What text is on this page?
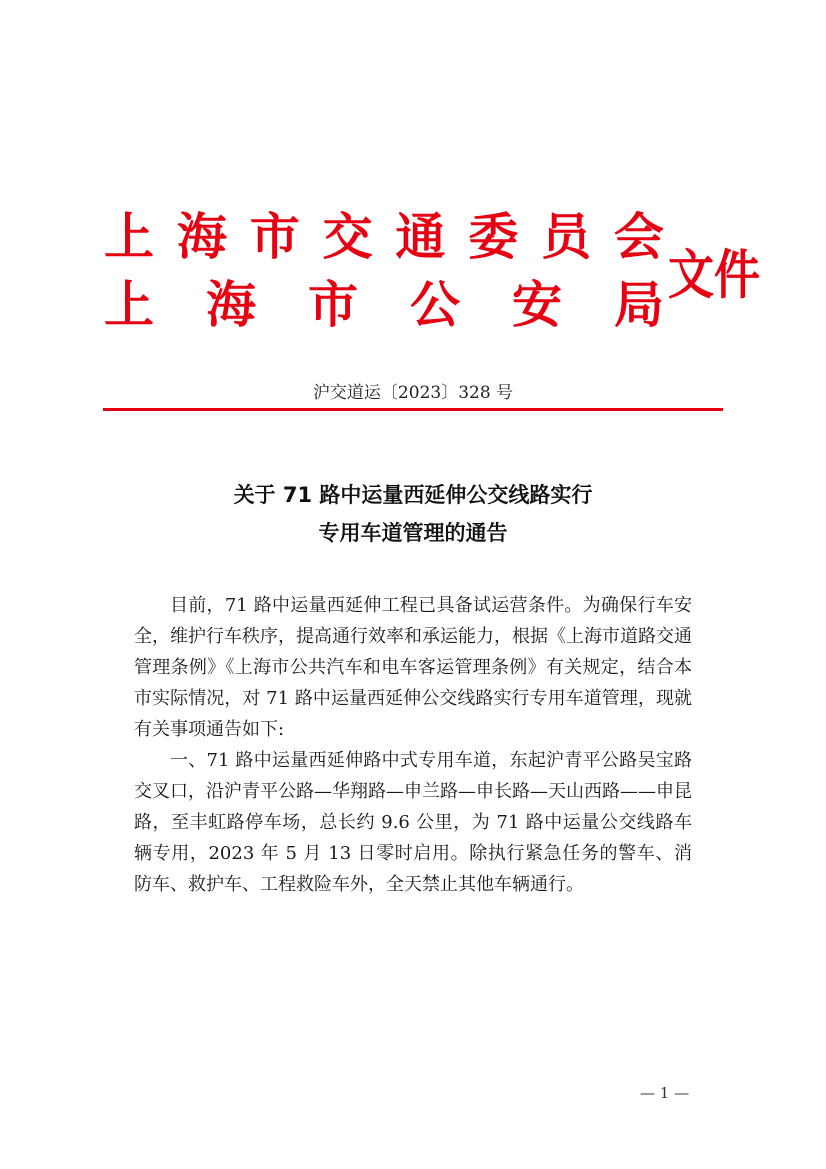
上 海 市 交 通 委 员 会
上 海 市 公 安 局 文件
沪交道运〔2023〕328 号
关于 71 路中运量西延伸公交线路实行
专用车道管理的通告

目前，71 路中运量西延伸工程已具备试运营条件。为确保行车安全，维护行车秩序，提高通行效率和承运能力，根据《上海市道路交通管理条例》《上海市公共汽车和电车客运管理条例》有关规定，结合本市实际情况，对 71 路中运量西延伸公交线路实行专用车道管理，现就有关事项通告如下:

一、71 路中运量西延伸路中式专用车道，东起沪青平公路吴宝路交叉口，沿沪青平公路—华翔路—申兰路—申长路—天山西路——申昆路，至丰虹路停车场，总长约 9.6 公里，为 71 路中运量公交线路车辆专用，2023 年 5 月 13 日零时启用。除执行紧急任务的警车、消防车、救护车、工程救险车外，全天禁止其他车辆通行。

— 1 —
